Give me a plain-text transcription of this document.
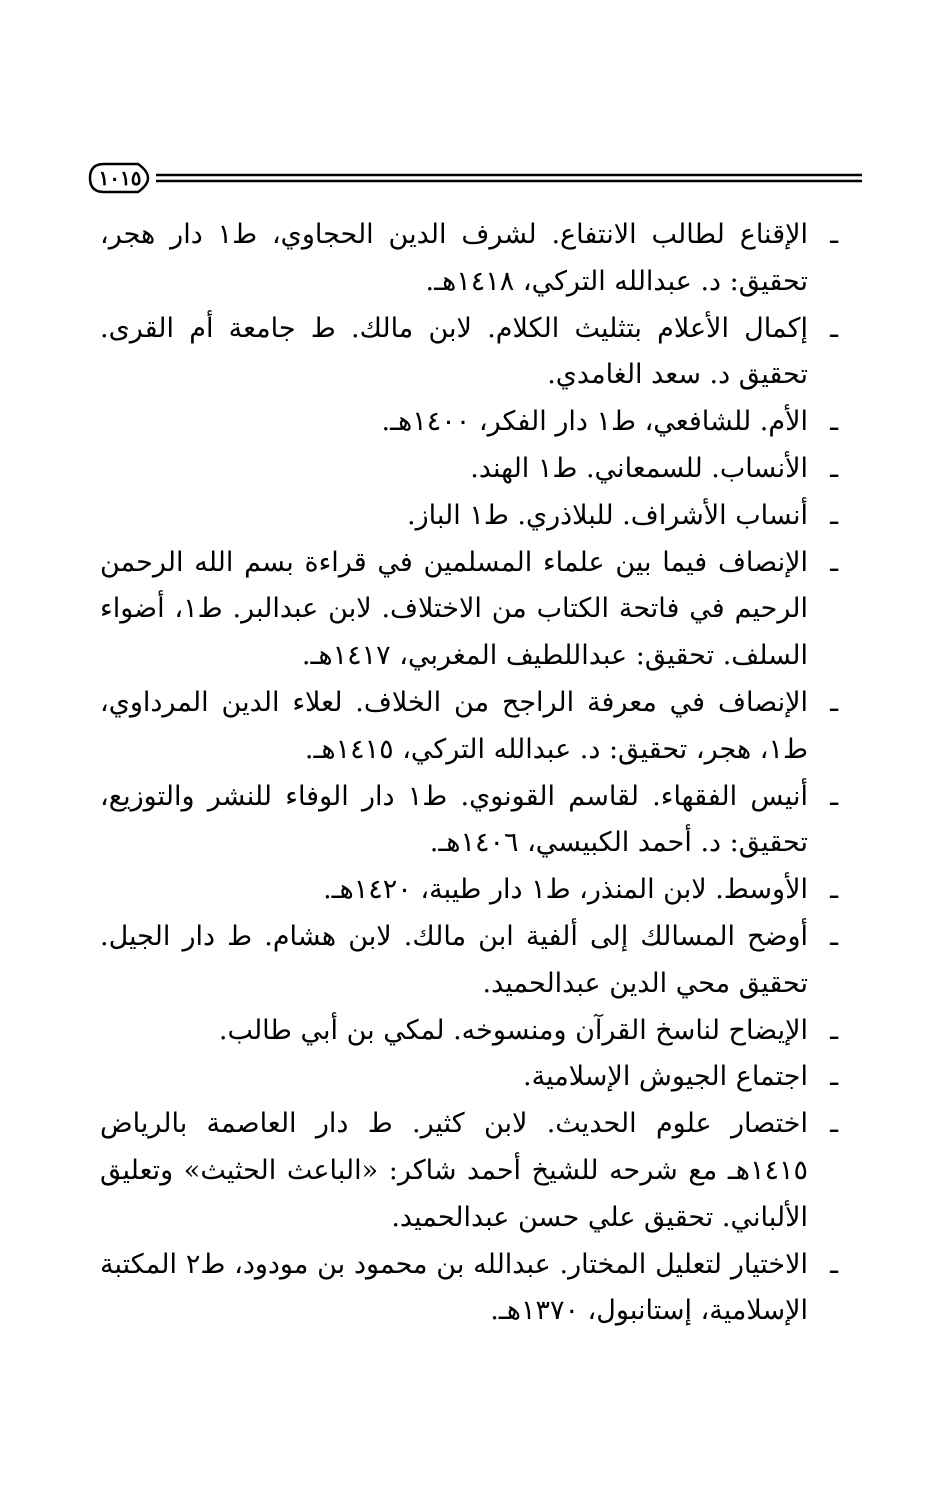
١٠١٥
ـ
الإقناع لطالب الانتفاع. لشرف الدين الحجاوي، ط١ دار هجر، تحقيق: د. عبدالله التركي، ١٤١٨هـ.
ـ
إكمال الأعلام بتثليث الكلام. لابن مالك. ط جامعة أم القرى. تحقيق د. سعد الغامدي.
ـ
الأم. للشافعي، ط١ دار الفكر، ١٤٠٠هـ.
ـ
الأنساب. للسمعاني. ط١ الهند.
ـ
أنساب الأشراف. للبلاذري. ط١ الباز.
ـ
الإنصاف فيما بين علماء المسلمين في قراءة بسم الله الرحمن الرحيم في فاتحة الكتاب من الاختلاف. لابن عبدالبر. ط١، أضواء السلف. تحقيق: عبداللطيف المغربي، ١٤١٧هـ.
ـ
الإنصاف في معرفة الراجح من الخلاف. لعلاء الدين المرداوي، ط١، هجر، تحقيق: د. عبدالله التركي، ١٤١٥هـ.
ـ
أنيس الفقهاء. لقاسم القونوي. ط١ دار الوفاء للنشر والتوزيع، تحقيق: د. أحمد الكبيسي، ١٤٠٦هـ.
ـ
الأوسط. لابن المنذر، ط١ دار طيبة، ١٤٢٠هـ.
ـ
أوضح المسالك إلى ألفية ابن مالك. لابن هشام. ط دار الجيل. تحقيق محي الدين عبدالحميد.
ـ
الإيضاح لناسخ القرآن ومنسوخه. لمكي بن أبي طالب.
ـ
اجتماع الجيوش الإسلامية.
ـ
اختصار علوم الحديث. لابن كثير. ط دار العاصمة بالرياض ١٤١٥هـ مع شرحه للشيخ أحمد شاكر: «الباعث الحثيث» وتعليق الألباني. تحقيق علي حسن عبدالحميد.
ـ
الاختيار لتعليل المختار. عبدالله بن محمود بن مودود، ط٢ المكتبة الإسلامية، إستانبول، ١٣٧٠هـ.
